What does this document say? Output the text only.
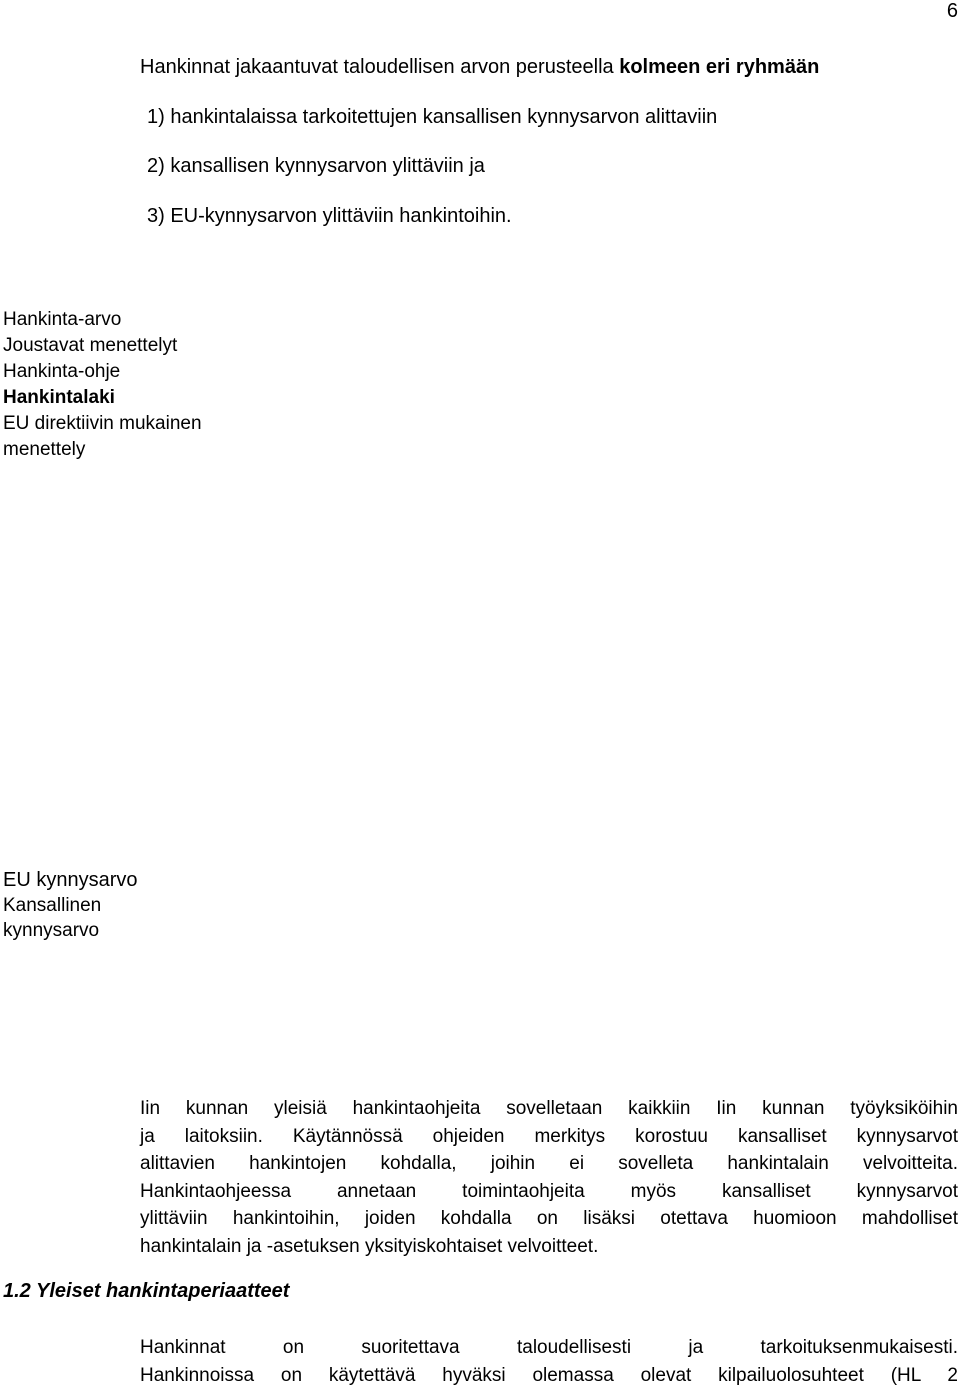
6
Hankinnat jakaantuvat taloudellisen arvon perusteella kolmeen eri ryhmään
1) hankintalaissa tarkoitettujen kansallisen kynnysarvon alittaviin
2) kansallisen kynnysarvon ylittäviin ja
3) EU-kynnysarvon ylittäviin hankintoihin.
Hankinta-arvo
Joustavat menettelyt
Hankinta-ohje
Hankintalaki
EU direktiivin mukainen
menettely
EU kynnysarvo
Kansallinen
kynnysarvo
Iin kunnan yleisiä hankintaohjeita sovelletaan kaikkiin Iin kunnan työyksiköihin
ja laitoksiin. Käytännössä ohjeiden merkitys korostuu kansalliset kynnysarvot
alittavien hankintojen kohdalla, joihin ei sovelleta hankintalain velvoitteita.
Hankintaohjeessa annetaan toimintaohjeita myös kansalliset kynnysarvot
ylittäviin hankintoihin, joiden kohdalla on lisäksi otettava huomioon mahdolliset
hankintalain ja -asetuksen yksityiskohtaiset velvoitteet.
1.2 Yleiset hankintaperiaatteet
Hankinnat on suoritettava taloudellisesti ja tarkoituksenmukaisesti.
Hankinnoissa on käytettävä hyväksi olemassa olevat kilpailuolosuhteet (HL 2
